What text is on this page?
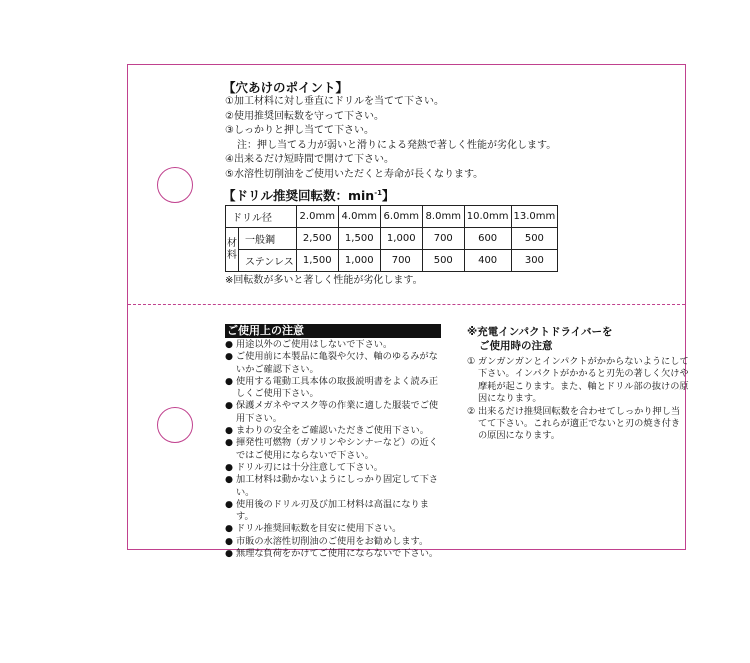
【穴あけのポイント】
①加工材料に対し垂直にドリルを当てて下さい。
②使用推奨回転数を守って下さい。
③しっかりと押し当てて下さい。
注：押し当てる力が弱いと滑りによる発熱で著しく性能が劣化します。
④出来るだけ短時間で開けて下さい。
⑤水溶性切削油をご使用いただくと寿命が長くなります。
【ドリル推奨回転数：$\min^{-1}$】
ドリル径		2.0mm	4.0mm	6.0mm	8.0mm	10.0mm	13.0mm
材
料	一般鋼	2,500	1,500	1,000	700	600	500
	ステンレス	1,500	1,000	700	500	400	300
※回転数が多いと著しく性能が劣化します。
ご使用上の注意
● 用途以外のご使用はしないで下さい。
● ご使用前に本製品に亀裂や欠け、軸のゆるみがないかご確認下さい。
● 使用する電動工具本体の取扱説明書をよく読み正しくご使用下さい。
● 保護メガネやマスク等の作業に適した服装でご使用下さい。
● まわりの安全をご確認いただきご使用下さい。
● 揮発性可燃物（ガソリンやシンナーなど）の近くではご使用にならないで下さい。
● ドリル刃には十分注意して下さい。
● 加工材料は動かないようにしっかり固定して下さい。
● 使用後のドリル刃及び加工材料は高温になります。
● ドリル推奨回転数を目安に使用下さい。
● 市販の水溶性切削油のご使用をお勧めします。
● 無理な負荷をかけてご使用にならないで下さい。
※充電インパクトドライバーを
ご使用時の注意
① ガンガンガンとインパクトがかからないようにして下さい。インパクトがかかると刃先の著しく欠けや摩耗が起こります。また、軸とドリル部の抜けの原因になります。
② 出来るだけ推奨回転数を合わせてしっかり押し当てて下さい。これらが適正でないと刃の焼き付きの原因になります。
